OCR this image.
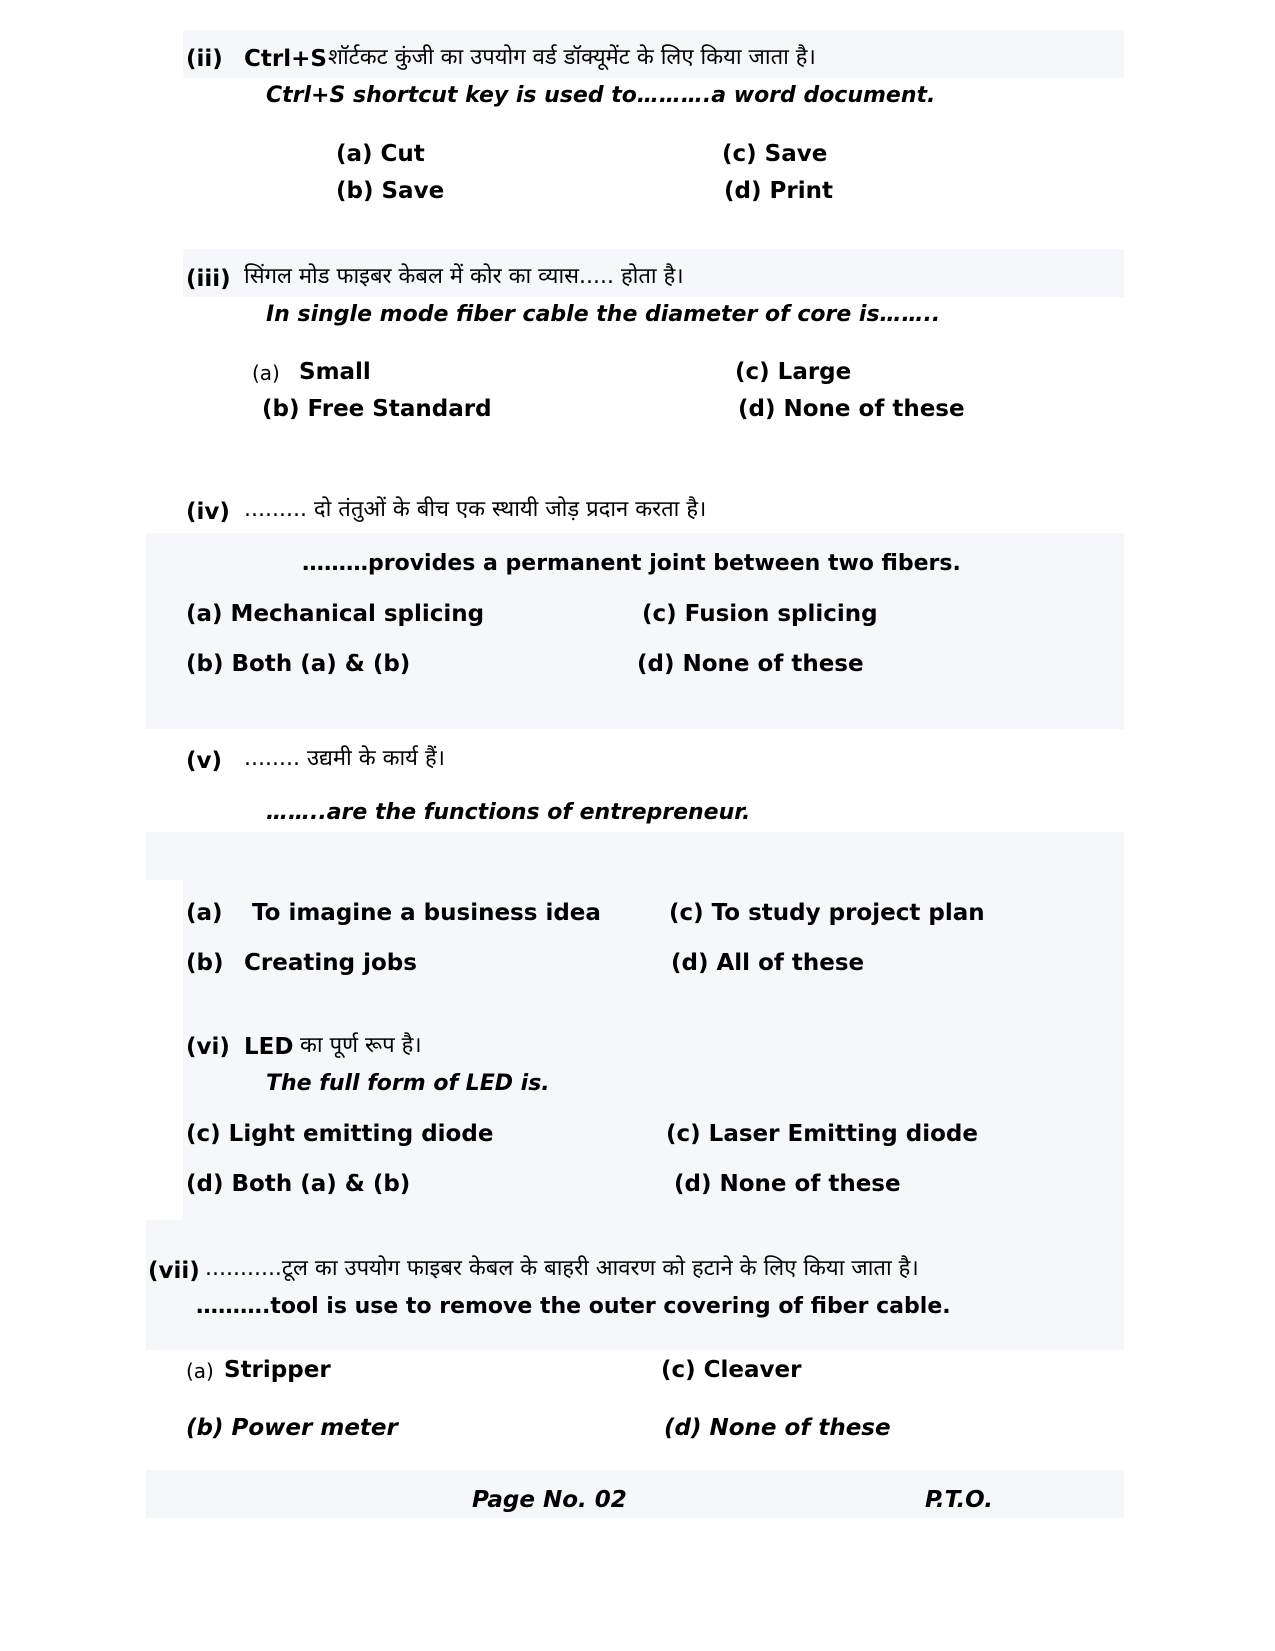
(ii) Ctrl+S शॉर्टकट कुंजी का उपयोग वर्ड डॉक्यूमेंट के लिए किया जाता है।
Ctrl+S shortcut key is used to……….a word document.
(a) Cut
(b) Save
(c) Save
(d) Print
(iii) सिंगल मोड फाइबर केबल में कोर का व्यास..... होता है।
In single mode fiber cable the diameter of core is……..
(a) Small
(b) Free Standard
(c) Large
(d) None of these
(iv) ......... दो तंतुओं के बीच एक स्थायी जोड़ प्रदान करता है।
………provides a permanent joint between two fibers.
(a) Mechanical splicing
(b) Both (a) & (b)
(c) Fusion splicing
(d) None of these
(v) ........ उद्यमी के कार्य हैं।
……..are the functions of entrepreneur.
(a) To imagine a business idea
(b) Creating jobs
(c) To study project plan
(d) All of these
(vi) LED का पूर्ण रूप है।
The full form of LED is.
(c) Light emitting diode
(d) Both (a) & (b)
(c) Laser Emitting diode
(d) None of these
(vii) ...........टूल का उपयोग फाइबर केबल के बाहरी आवरण को हटाने के लिए किया जाता है।
……….tool is use to remove the outer covering of fiber cable.
(a) Stripper
(b) Power meter
(c) Cleaver
(d) None of these
Page No. 02	P.T.O.
